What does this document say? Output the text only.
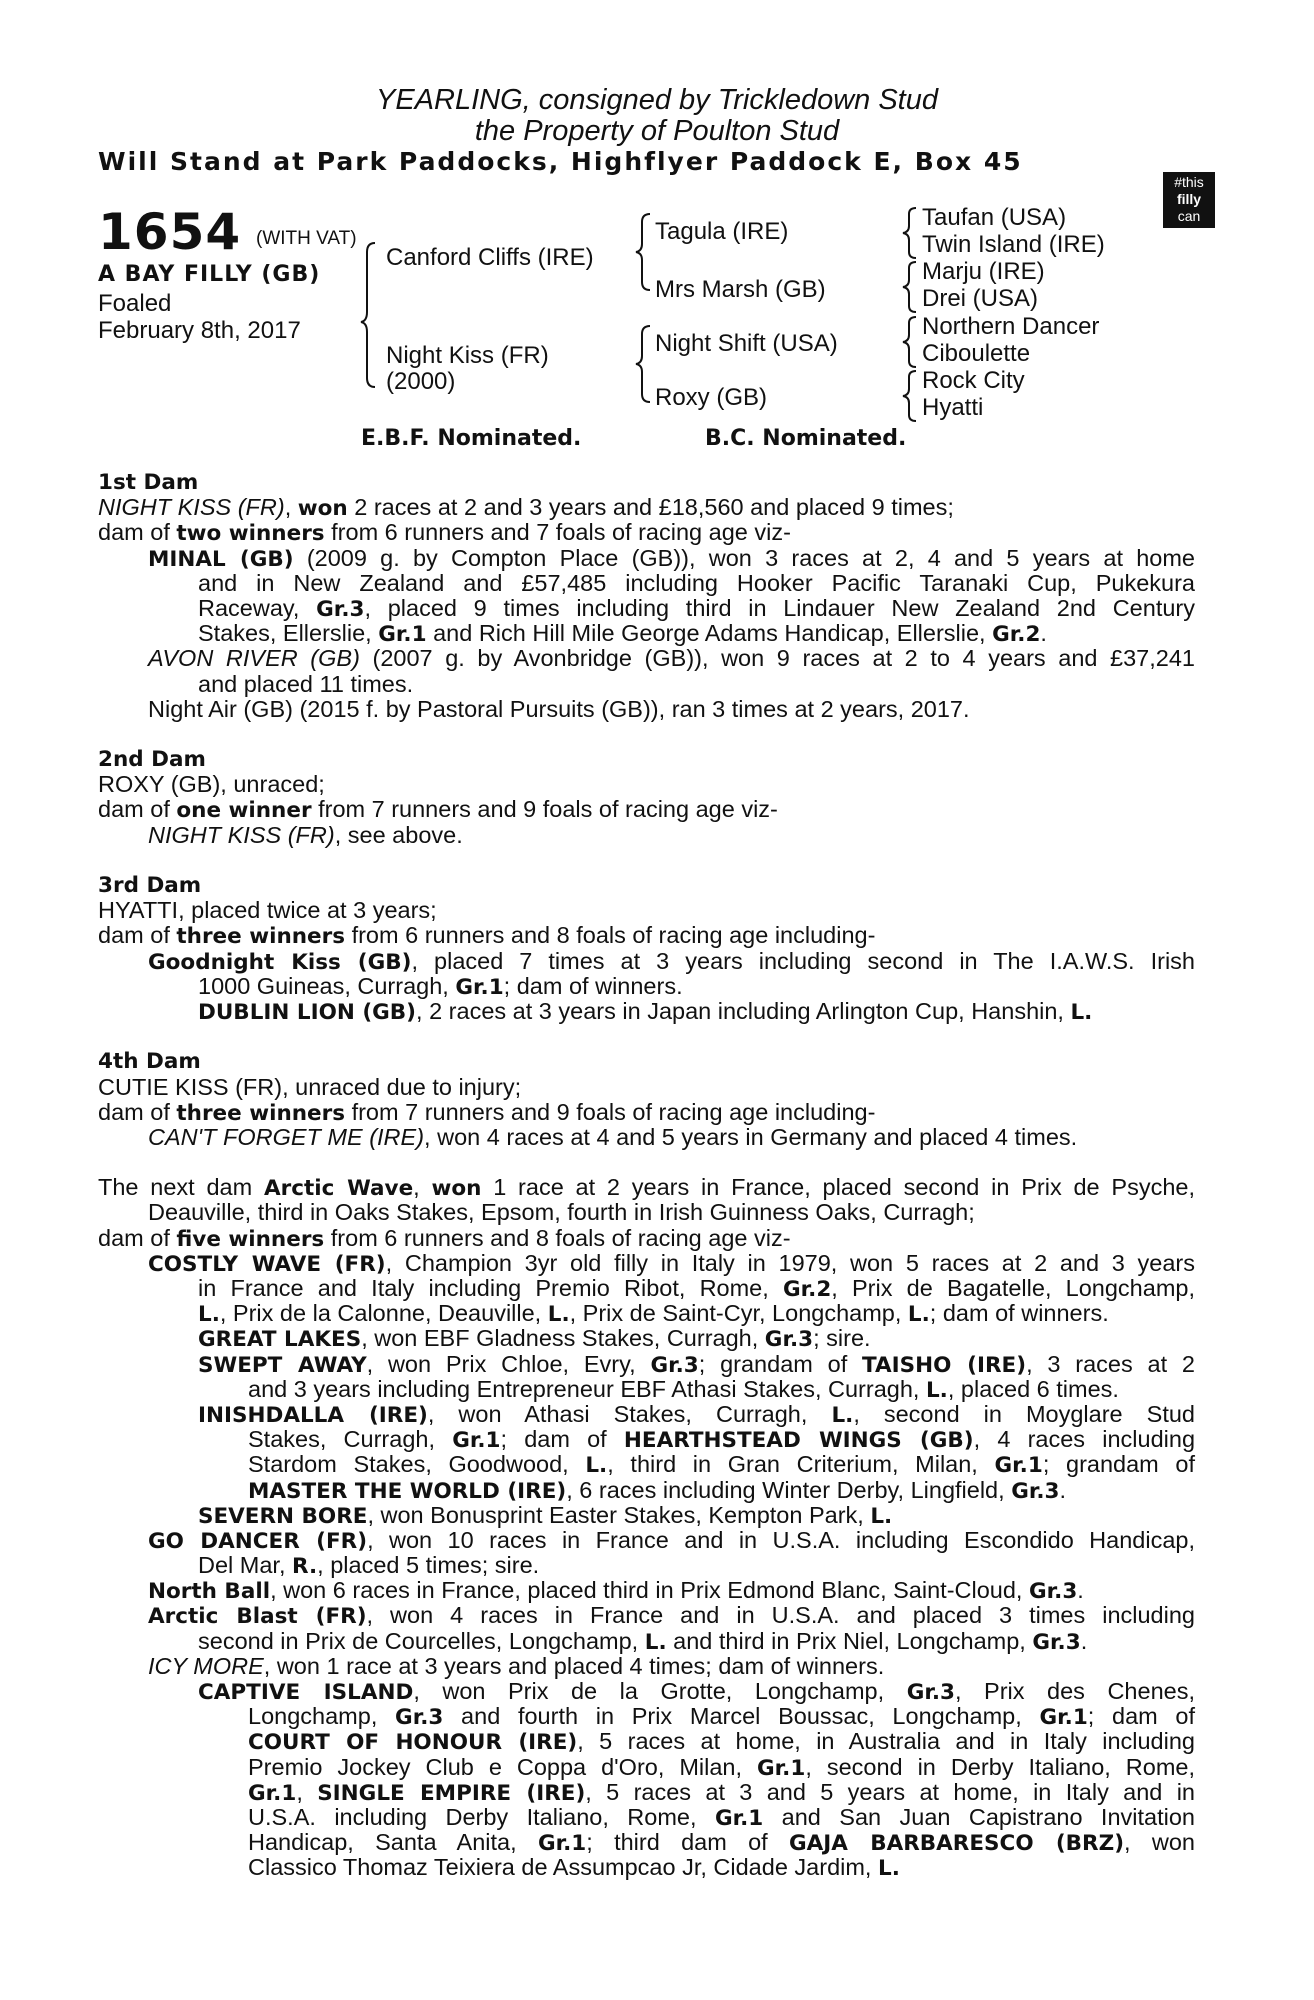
YEARLING, consigned by Trickledown Stud
the Property of Poulton Stud
Will Stand at Park Paddocks, Highflyer Paddock E, Box 45
#this
filly
can
1654 (WITH VAT)
A BAY FILLY (GB)
Foaled
February 8th, 2017
Canford Cliffs (IRE)
Night Kiss (FR)
(2000)
Tagula (IRE)
Mrs Marsh (GB)
Night Shift (USA)
Roxy (GB)
Taufan (USA)
Twin Island (IRE)
Marju (IRE)
Drei (USA)
Northern Dancer
Ciboulette
Rock City
Hyatti
E.B.F. Nominated.	B.C. Nominated.
1st Dam
NIGHT KISS (FR), won 2 races at 2 and 3 years and £18,560 and placed 9 times;
dam of two winners from 6 runners and 7 foals of racing age viz-
MINAL (GB) (2009 g. by Compton Place (GB)), won 3 races at 2, 4 and 5 years at home
and in New Zealand and £57,485 including Hooker Pacific Taranaki Cup, Pukekura
Raceway, Gr.3, placed 9 times including third in Lindauer New Zealand 2nd Century
Stakes, Ellerslie, Gr.1 and Rich Hill Mile George Adams Handicap, Ellerslie, Gr.2.
AVON RIVER (GB) (2007 g. by Avonbridge (GB)), won 9 races at 2 to 4 years and £37,241
and placed 11 times.
Night Air (GB) (2015 f. by Pastoral Pursuits (GB)), ran 3 times at 2 years, 2017.
2nd Dam
ROXY (GB), unraced;
dam of one winner from 7 runners and 9 foals of racing age viz-
NIGHT KISS (FR), see above.
3rd Dam
HYATTI, placed twice at 3 years;
dam of three winners from 6 runners and 8 foals of racing age including-
Goodnight Kiss (GB), placed 7 times at 3 years including second in The I.A.W.S. Irish
1000 Guineas, Curragh, Gr.1; dam of winners.
DUBLIN LION (GB), 2 races at 3 years in Japan including Arlington Cup, Hanshin, L.
4th Dam
CUTIE KISS (FR), unraced due to injury;
dam of three winners from 7 runners and 9 foals of racing age including-
CAN'T FORGET ME (IRE), won 4 races at 4 and 5 years in Germany and placed 4 times.
The next dam Arctic Wave, won 1 race at 2 years in France, placed second in Prix de Psyche,
Deauville, third in Oaks Stakes, Epsom, fourth in Irish Guinness Oaks, Curragh;
dam of five winners from 6 runners and 8 foals of racing age viz-
COSTLY WAVE (FR), Champion 3yr old filly in Italy in 1979, won 5 races at 2 and 3 years
in France and Italy including Premio Ribot, Rome, Gr.2, Prix de Bagatelle, Longchamp,
L., Prix de la Calonne, Deauville, L., Prix de Saint-Cyr, Longchamp, L.; dam of winners.
GREAT LAKES, won EBF Gladness Stakes, Curragh, Gr.3; sire.
SWEPT AWAY, won Prix Chloe, Evry, Gr.3; grandam of TAISHO (IRE), 3 races at 2
and 3 years including Entrepreneur EBF Athasi Stakes, Curragh, L., placed 6 times.
INISHDALLA (IRE), won Athasi Stakes, Curragh, L., second in Moyglare Stud
Stakes, Curragh, Gr.1; dam of HEARTHSTEAD WINGS (GB), 4 races including
Stardom Stakes, Goodwood, L., third in Gran Criterium, Milan, Gr.1; grandam of
MASTER THE WORLD (IRE), 6 races including Winter Derby, Lingfield, Gr.3.
SEVERN BORE, won Bonusprint Easter Stakes, Kempton Park, L.
GO DANCER (FR), won 10 races in France and in U.S.A. including Escondido Handicap,
Del Mar, R., placed 5 times; sire.
North Ball, won 6 races in France, placed third in Prix Edmond Blanc, Saint-Cloud, Gr.3.
Arctic Blast (FR), won 4 races in France and in U.S.A. and placed 3 times including
second in Prix de Courcelles, Longchamp, L. and third in Prix Niel, Longchamp, Gr.3.
ICY MORE, won 1 race at 3 years and placed 4 times; dam of winners.
CAPTIVE ISLAND, won Prix de la Grotte, Longchamp, Gr.3, Prix des Chenes,
Longchamp, Gr.3 and fourth in Prix Marcel Boussac, Longchamp, Gr.1; dam of
COURT OF HONOUR (IRE), 5 races at home, in Australia and in Italy including
Premio Jockey Club e Coppa d'Oro, Milan, Gr.1, second in Derby Italiano, Rome,
Gr.1, SINGLE EMPIRE (IRE), 5 races at 3 and 5 years at home, in Italy and in
U.S.A. including Derby Italiano, Rome, Gr.1 and San Juan Capistrano Invitation
Handicap, Santa Anita, Gr.1; third dam of GAJA BARBARESCO (BRZ), won
Classico Thomaz Teixiera de Assumpcao Jr, Cidade Jardim, L.
